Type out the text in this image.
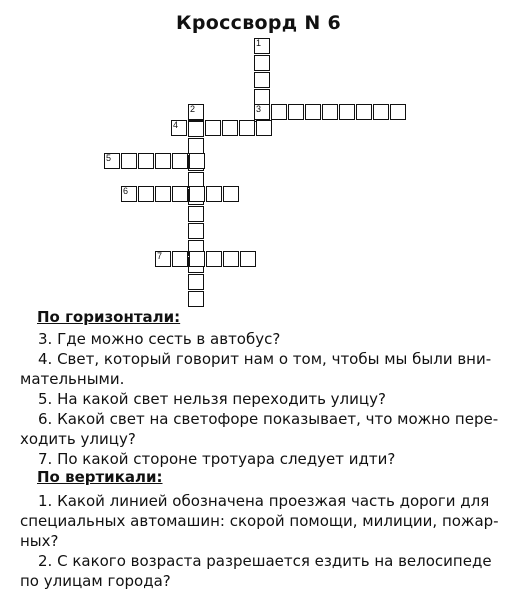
Кроссворд N 6
1
3
4
2
5
6
7
По горизонтали:
3. Где можно сесть в автобус?
4. Свет, который говорит нам о том, чтобы мы были внимательными.
5. На какой свет нельзя переходить улицу?
6. Какой свет на светофоре показывает, что можно переходить улицу?
7. По какой стороне тротуара следует идти?
По вертикали:
1. Какой линией обозначена проезжая часть дороги для специальных автомашин: скорой помощи, милиции, пожарных?
2. С какого возраста разрешается ездить на велосипеде по улицам города?
